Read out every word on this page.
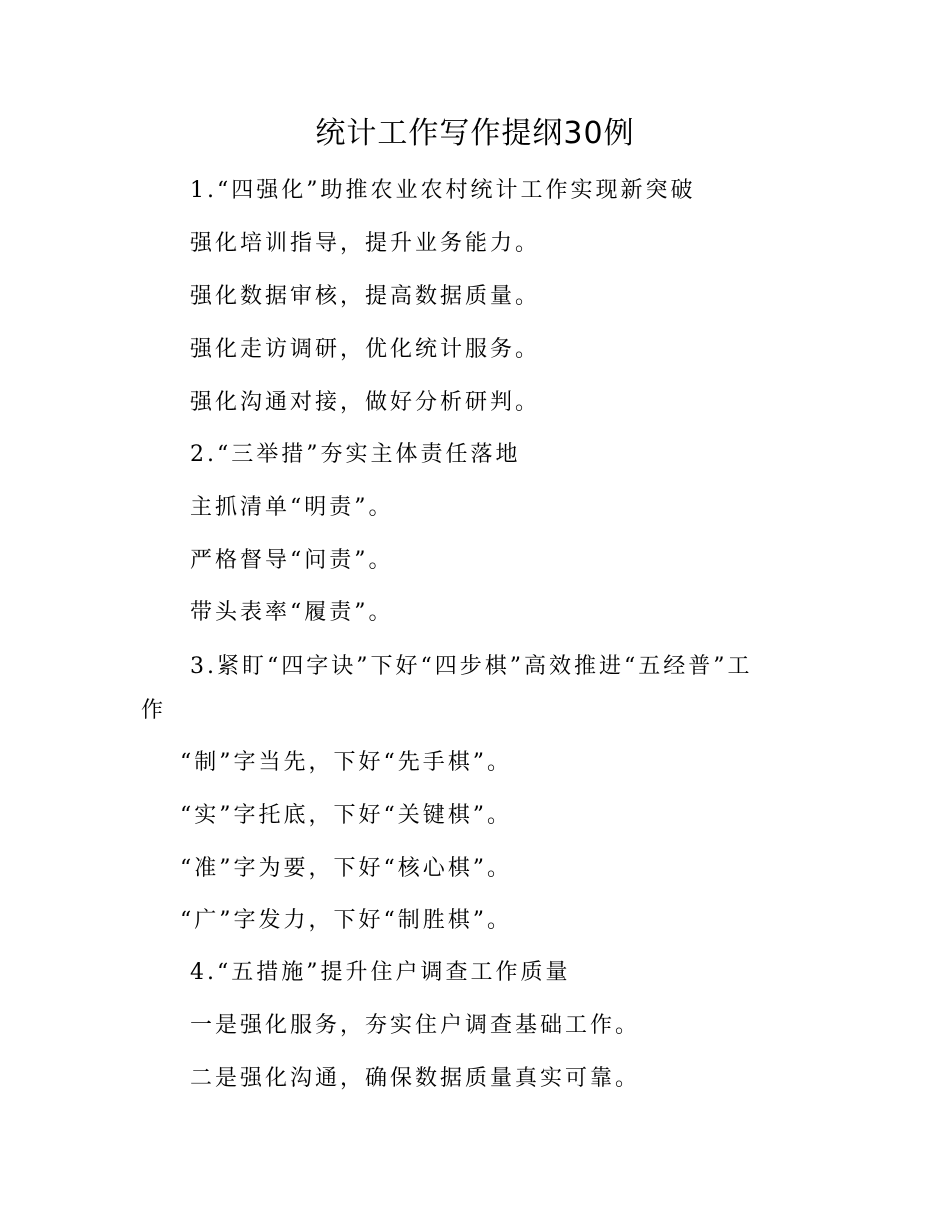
统计工作写作提纲30例
1.“四强化”助推农业农村统计工作实现新突破
强化培训指导，提升业务能力。
强化数据审核，提高数据质量。
强化走访调研，优化统计服务。
强化沟通对接，做好分析研判。
2.“三举措”夯实主体责任落地
主抓清单“明责”。
严格督导“问责”。
带头表率“履责”。
3.紧盯“四字诀”下好“四步棋”高效推进“五经普”工
作
“制”字当先，下好“先手棋”。
“实”字托底，下好“关键棋”。
“准”字为要，下好“核心棋”。
“广”字发力，下好“制胜棋”。
4.“五措施”提升住户调查工作质量
一是强化服务，夯实住户调查基础工作。
二是强化沟通，确保数据质量真实可靠。
